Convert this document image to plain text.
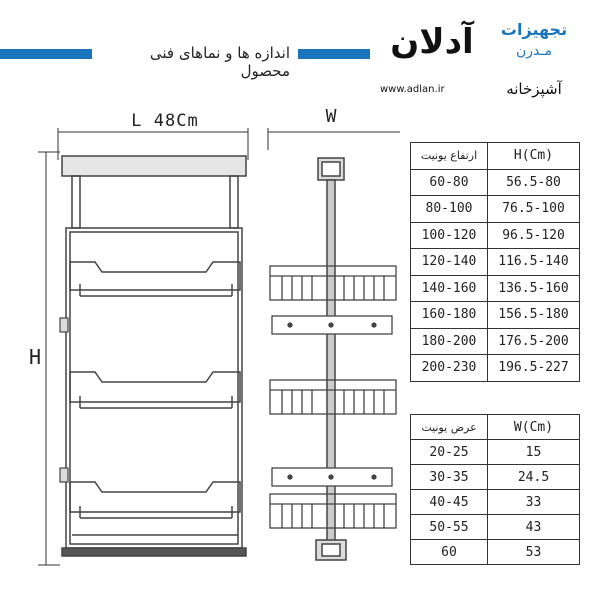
اندازه ها و نماهای فنی محصول
آدلان	تجهیزات
مـدرن
www.adlan.ir	آشپزخانه
L 48Cm	W
H
ارتفاع یونیت	H(Cm)
60-80	56.5-80
80-100	76.5-100
100-120	96.5-120
120-140	116.5-140
140-160	136.5-160
160-180	156.5-180
180-200	176.5-200
200-230	196.5-227
عرض یونیت	W(Cm)
20-25	15
30-35	24.5
40-45	33
50-55	43
60	53
